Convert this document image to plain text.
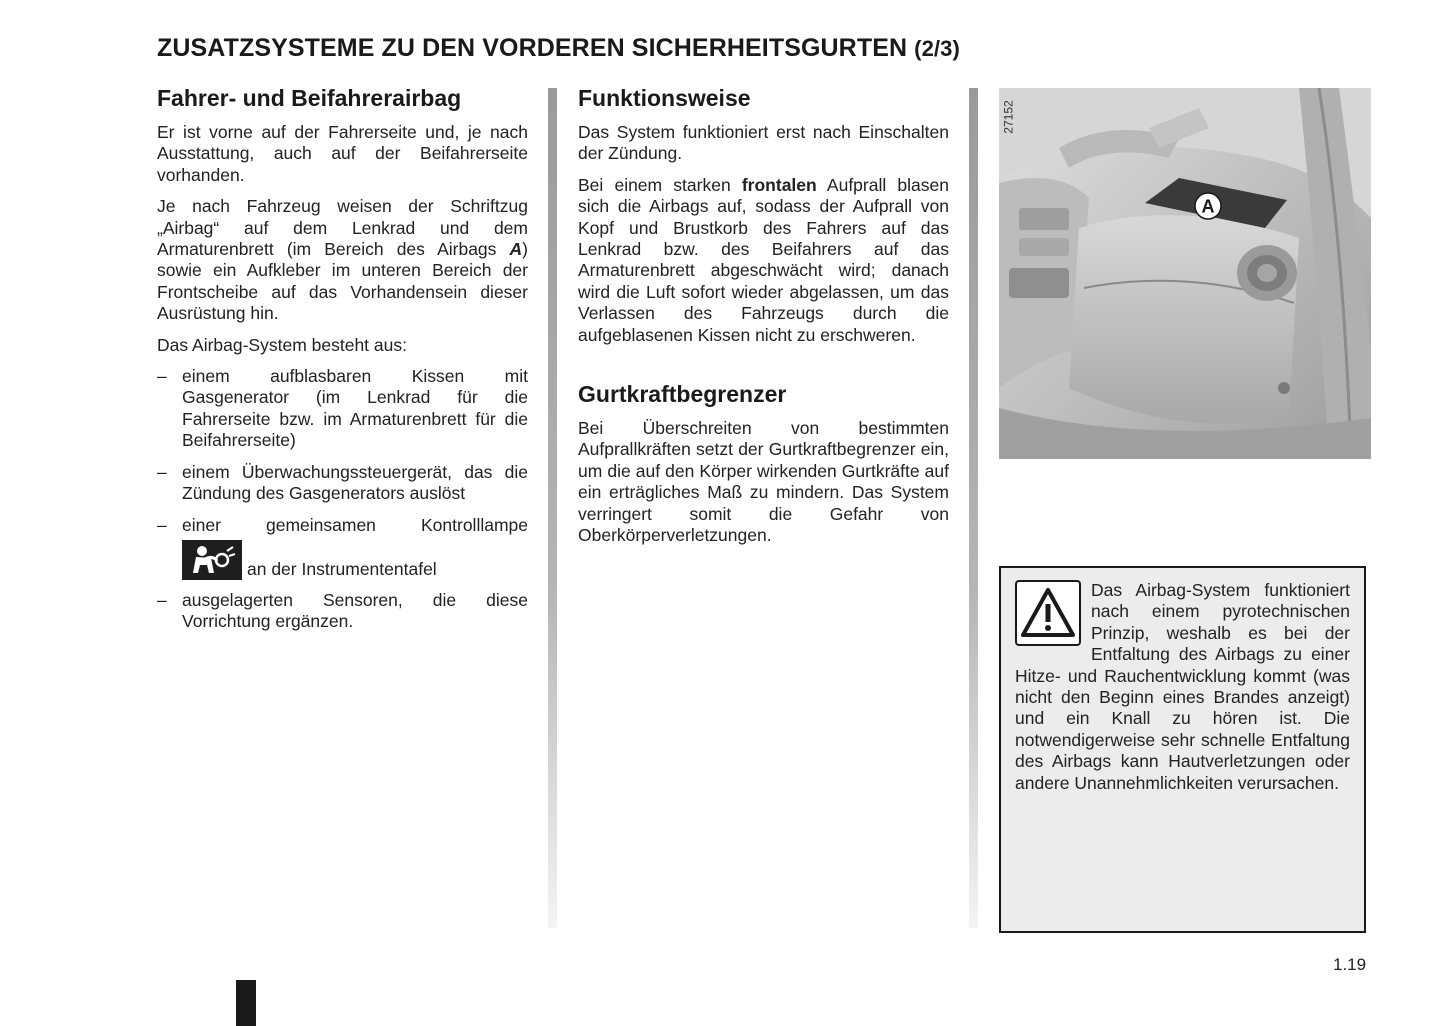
ZUSATZSYSTEME ZU DEN VORDEREN SICHERHEITSGURTEN (2/3)
Fahrer- und Beifahrerairbag

Er ist vorne auf der Fahrerseite und, je nach Ausstattung, auch auf der Beifahrerseite vorhanden.

Je nach Fahrzeug weisen der Schriftzug „Airbag“ auf dem Lenkrad und dem Armaturenbrett (im Bereich des Airbags A) sowie ein Aufkleber im unteren Bereich der Frontscheibe auf das Vorhandensein dieser Ausrüstung hin.

Das Airbag-System besteht aus:

– einem aufblasbaren Kissen mit Gasgenerator (im Lenkrad für die Fahrerseite bzw. im Armaturenbrett für die Beifahrerseite)
– einem Überwachungssteuergerät, das die Zündung des Gasgenerators auslöst
– einer gemeinsamen Kontrolllampe
an der Instrumententafel
– ausgelagerten Sensoren, die diese Vorrichtung ergänzen.
Funktionsweise

Das System funktioniert erst nach Einschalten der Zündung.

Bei einem starken frontalen Aufprall blasen sich die Airbags auf, sodass der Aufprall von Kopf und Brustkorb des Fahrers auf das Lenkrad bzw. des Beifahrers auf das Armaturenbrett abgeschwächt wird; danach wird die Luft sofort wieder abgelassen, um das Verlassen des Fahrzeugs durch die aufgeblasenen Kissen nicht zu erschweren.

Gurtkraftbegrenzer

Bei Überschreiten von bestimmten Aufprallkräften setzt der Gurtkraftbegrenzer ein, um die auf den Körper wirkenden Gurtkräfte auf ein erträgliches Maß zu mindern. Das System verringert somit die Gefahr von Oberkörperverletzungen.

A
27152

Das Airbag-System funktioniert nach einem pyrotechnischen Prinzip, weshalb es bei der Entfaltung des Airbags zu einer Hitze- und Rauchentwicklung kommt (was nicht den Beginn eines Brandes anzeigt) und ein Knall zu hören ist. Die notwendigerweise sehr schnelle Entfaltung des Airbags kann Hautverletzungen oder andere Unannehmlichkeiten verursachen.

1.19
